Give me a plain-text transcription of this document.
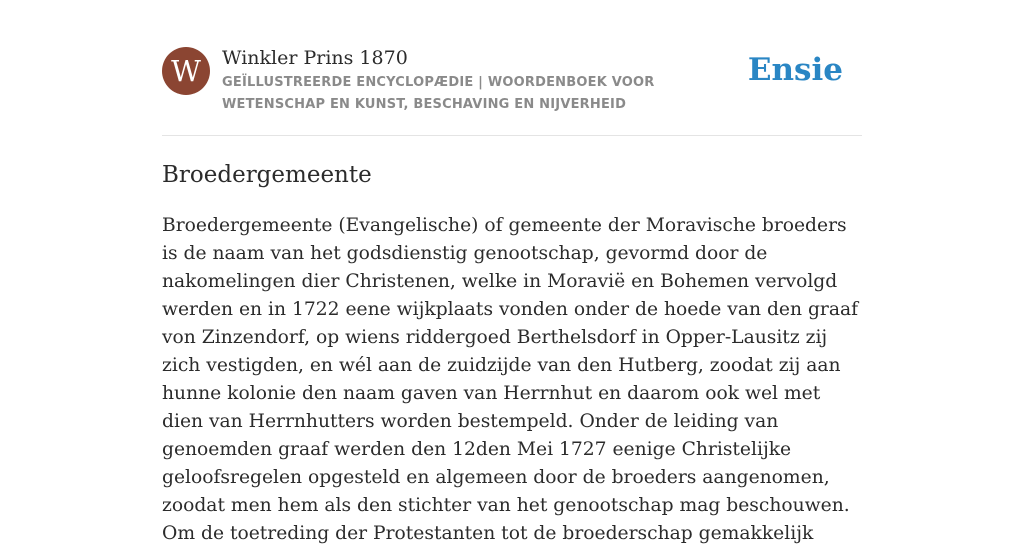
W	Winkler Prins 1870
GEÏLLUSTREERDE ENCYCLOPÆDIE | WOORDENBOEK VOOR WETENSCHAP EN KUNST, BESCHAVING EN NIJVERHEID
Ensie
Broedergemeente

Broedergemeente (Evangelische) of gemeente der Moravische broeders is de naam van het godsdienstig genootschap, gevormd door de nakomelingen dier Christenen, welke in Moravië en Bohemen vervolgd werden en in 1722 eene wijkplaats vonden onder de hoede van den graaf von Zinzendorf, op wiens riddergoed Berthelsdorf in Opper-Lausitz zij zich vestigden, en wél aan de zuidzijde van den Hutberg, zoodat zij aan hunne kolonie den naam gaven van Herrnhut en daarom ook wel met dien van Herrnhutters worden bestempeld. Onder de leiding van genoemden graaf werden den 12den Mei 1727 eenige Christelijke geloofsregelen opgesteld en algemeen door de broeders aangenomen, zoodat men hem als den stichter van het genootschap mag beschouwen. Om de toetreding der Protestanten tot de broederschap gemakkelijk
